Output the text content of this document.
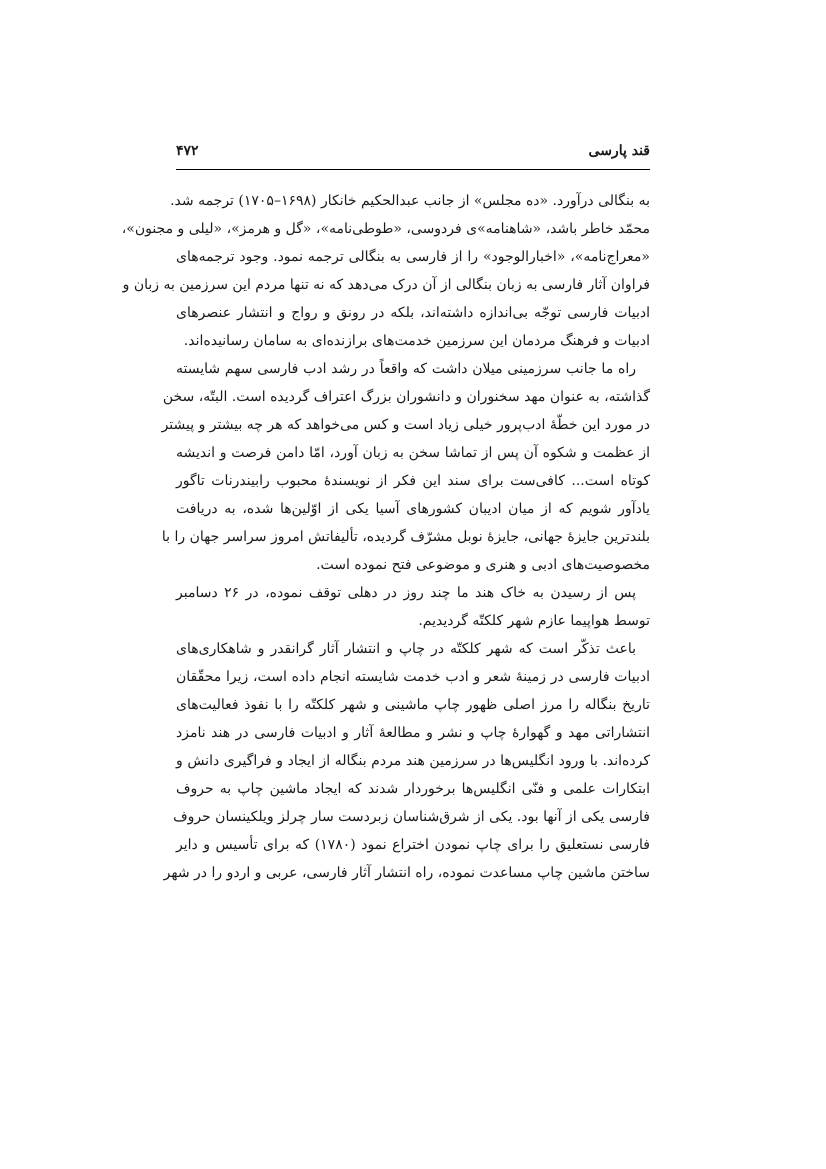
قند پارسی
۴۷۲
به بنگالی درآورد. «ده مجلس» از جانب عبدالحکیم خانکار (۱۶۹۸–۱۷۰۵) ترجمه شد.
محمّد خاطر باشد، «شاهنامه»ی فردوسی، «طوطی‌نامه»، «گل و هرمز»، «لیلی و مجنون»،
«معراج‌نامه»، «اخبارالوجود» را از فارسی به بنگالی ترجمه نمود. وجود ترجمه‌های
فراوان آثار فارسی به زبان بنگالی از آن درک می‌دهد که نه تنها مردم این سرزمین به زبان و
ادبیات فارسی توجّه بی‌اندازه داشته‌اند، بلکه در رونق و رواج و انتشار عنصرهای
ادبیات و فرهنگ مردمان این سرزمین خدمت‌های برازنده‌ای به سامان رسانیده‌اند.
راه ما جانب سرزمینی میلان داشت که واقعاً در رشد ادب فارسی سهم شایسته
گذاشته، به عنوان مهد سخنوران و دانشوران بزرگ اعتراف گردیده است. البتّه، سخن
در مورد این خطّهٔ ادب‌پرور خیلی زیاد است و کس می‌خواهد که هر چه بیشتر و پیشتر
از عظمت و شکوه آن پس از تماشا سخن به زبان آورد، امّا دامن فرصت و اندیشه
کوتاه است... کافی‌ست برای سند این فکر از نویسندهٔ محبوب رابیندرنات تاگور
یادآور شویم که از میان ادیبان کشورهای آسیا یکی از اوّلین‌ها شده، به دریافت
بلندترین جایزهٔ جهانی، جایزهٔ نوبل مشرّف گردیده، تألیفاتش امروز سراسر جهان را با
مخصوصیت‌های ادبی و هنری و موضوعی فتح نموده است.
پس از رسیدن به خاک هند ما چند روز در دهلی توقف نموده، در ۲۶ دسامبر
توسط هواپیما عازم شهر کلکتّه گردیدیم.
باعث تذکّر است که شهر کلکتّه در چاپ و انتشار آثار گرانقدر و شاهکاری‌های
ادبیات فارسی در زمینهٔ شعر و ادب خدمت شایسته انجام داده است، زیرا محقّقان
تاریخ بنگاله را مرز اصلی ظهور چاپ ماشینی و شهر کلکتّه را با نفوذ فعالیت‌های
انتشاراتی مهد و گهوارهٔ چاپ و نشر و مطالعهٔ آثار و ادبیات فارسی در هند نامزد
کرده‌اند. با ورود انگلیس‌ها در سرزمین هند مردم بنگاله از ایجاد و فراگیری دانش و
ابتکارات علمی و فنّی انگلیس‌ها برخوردار شدند که ایجاد ماشین چاپ به حروف
فارسی یکی از آنها بود. یکی از شرق‌شناسان زبردست سار چرلز ویلکینسان حروف
فارسی نستعلیق را برای چاپ نمودن اختراع نمود (۱۷۸۰) که برای تأسیس و دایر
ساختن ماشین چاپ مساعدت نموده، راه انتشار آثار فارسی، عربی و اردو را در شهر
